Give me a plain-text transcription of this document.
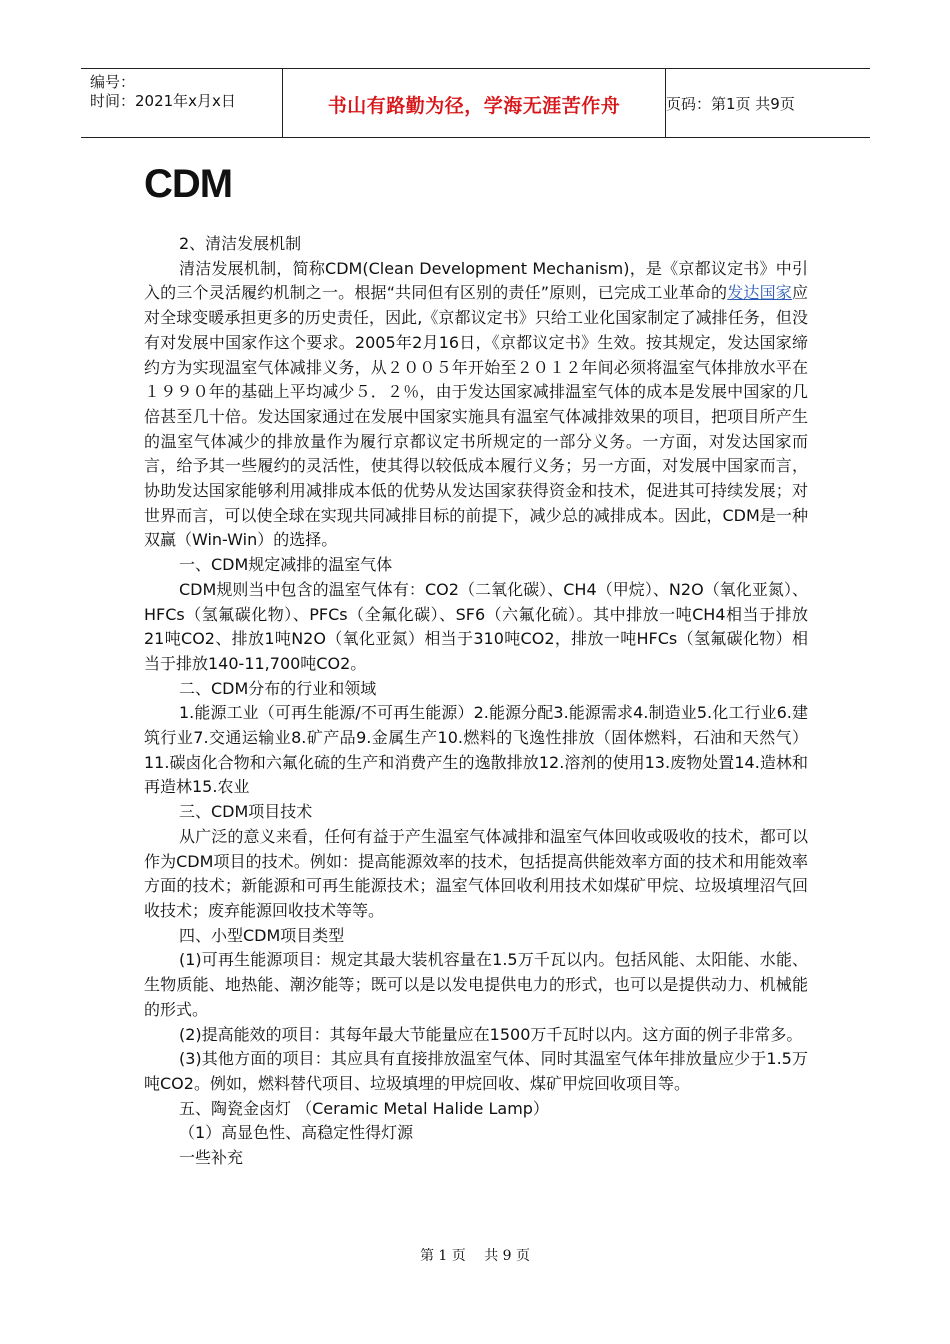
编号：
时间：2021年x月x日	书山有路勤为径，学海无涯苦作舟	页码：第1页 共9页
CDM

2、清洁发展机制

清洁发展机制，简称CDM(Clean Development Mechanism)，是《京都议定书》中引入的三个灵活履约机制之一。根据“共同但有区别的责任”原则，已完成工业革命的发达国家应对全球变暖承担更多的历史责任，因此,《京都议定书》只给工业化国家制定了减排任务，但没有对发展中国家作这个要求。2005年2月16日，《京都议定书》生效。按其规定，发达国家缔约方为实现温室气体减排义务，从２００５年开始至２０１２年间必须将温室气体排放水平在１９９０年的基础上平均减少５．２％，由于发达国家减排温室气体的成本是发展中国家的几倍甚至几十倍。发达国家通过在发展中国家实施具有温室气体减排效果的项目，把项目所产生的温室气体减少的排放量作为履行京都议定书所规定的一部分义务。一方面，对发达国家而言，给予其一些履约的灵活性，使其得以较低成本履行义务；另一方面，对发展中国家而言，协助发达国家能够利用减排成本低的优势从发达国家获得资金和技术，促进其可持续发展；对世界而言，可以使全球在实现共同减排目标的前提下，减少总的减排成本。因此，CDM是一种双赢（Win-Win）的选择。

一、CDM规定减排的温室气体

CDM规则当中包含的温室气体有：CO2（二氧化碳）、CH4（甲烷）、N2O（氧化亚氮）、HFCs（氢氟碳化物）、PFCs（全氟化碳）、SF6（六氟化硫）。其中排放一吨CH4相当于排放21吨CO2、排放1吨N2O（氧化亚氮）相当于310吨CO2，排放一吨HFCs（氢氟碳化物）相当于排放140-11,700吨CO2。

二、CDM分布的行业和领域

1.能源工业（可再生能源/不可再生能源）2.能源分配3.能源需求4.制造业5.化工行业6.建筑行业7.交通运输业8.矿产品9.金属生产10.燃料的飞逸性排放（固体燃料，石油和天然气）11.碳卤化合物和六氟化硫的生产和消费产生的逸散排放12.溶剂的使用13.废物处置14.造林和再造林15.农业

三、CDM项目技术

从广泛的意义来看，任何有益于产生温室气体减排和温室气体回收或吸收的技术，都可以作为CDM项目的技术。例如：提高能源效率的技术，包括提高供能效率方面的技术和用能效率方面的技术；新能源和可再生能源技术；温室气体回收利用技术如煤矿甲烷、垃圾填埋沼气回收技术；废弃能源回收技术等等。

四、小型CDM项目类型

(1)可再生能源项目：规定其最大装机容量在1.5万千瓦以内。包括风能、太阳能、水能、生物质能、地热能、潮汐能等；既可以是以发电提供电力的形式，也可以是提供动力、机械能的形式。

(2)提高能效的项目：其每年最大节能量应在1500万千瓦时以内。这方面的例子非常多。

(3)其他方面的项目：其应具有直接排放温室气体、同时其温室气体年排放量应少于1.5万吨CO2。例如，燃料替代项目、垃圾填埋的甲烷回收、煤矿甲烷回收项目等。

五、陶瓷金卤灯 （Ceramic Metal Halide Lamp）

（1）高显色性、高稳定性得灯源

一些补充

第 1 页 共 9 页
